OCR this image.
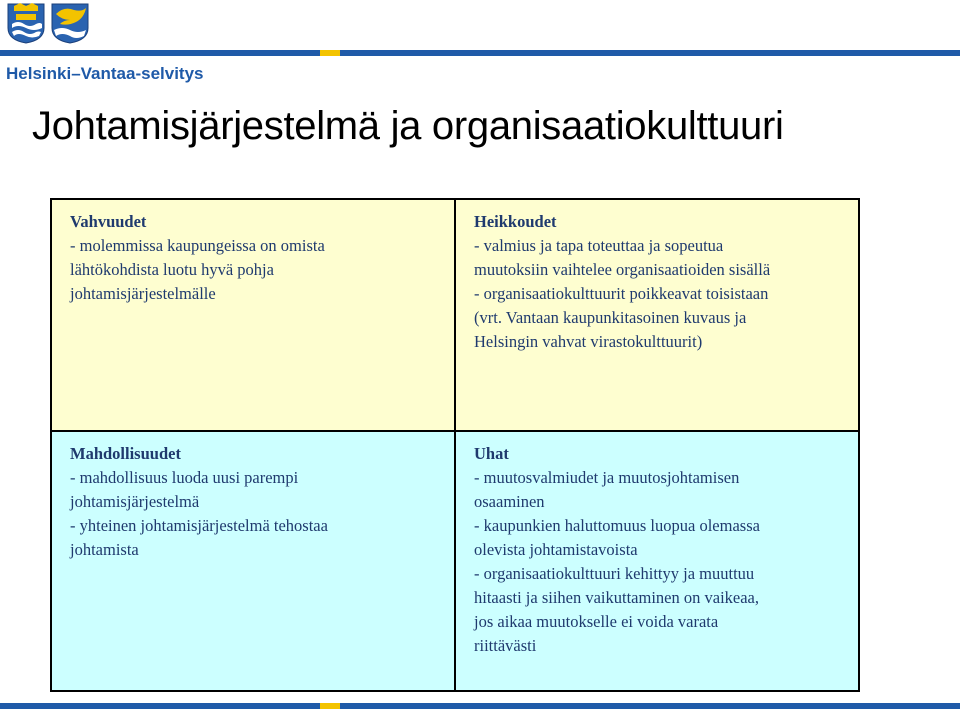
Helsinki–Vantaa-selvitys
Johtamisjärjestelmä ja organisaatiokulttuuri
Vahvuudet
- molemmissa kaupungeissa on omista
lähtökohdista luotu hyvä pohja
johtamisjärjestelmälle
Heikkoudet
- valmius ja tapa toteuttaa ja sopeutua
muutoksiin vaihtelee organisaatioiden sisällä
- organisaatiokulttuurit poikkeavat toisistaan
(vrt. Vantaan kaupunkitasoinen kuvaus ja
Helsingin vahvat virastokulttuurit)
Mahdollisuudet
- mahdollisuus luoda uusi parempi
johtamisjärjestelmä
- yhteinen johtamisjärjestelmä tehostaa
johtamista
Uhat
- muutosvalmiudet ja muutosjohtamisen
osaaminen
- kaupunkien haluttomuus luopua olemassa
olevista johtamistavoista
- organisaatiokulttuuri kehittyy ja muuttuu
hitaasti ja siihen vaikuttaminen on vaikeaa,
jos aikaa muutokselle ei voida varata
riittävästi
